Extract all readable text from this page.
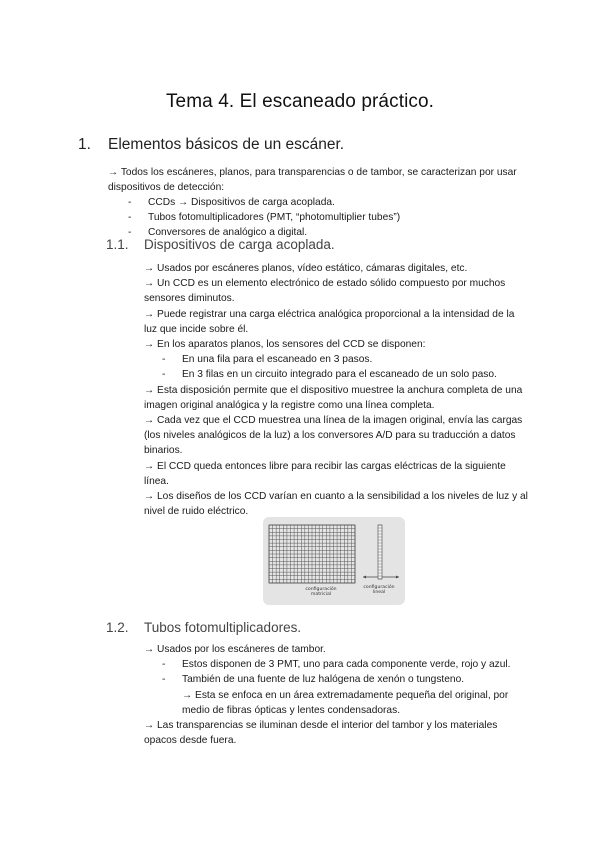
Tema 4. El escaneado práctico.
1. Elementos básicos de un escáner.
→ Todos los escáneres, planos, para transparencias o de tambor, se caracterizan por usar dispositivos de detección:
- CCDs → Dispositivos de carga acoplada.
- Tubos fotomultiplicadores (PMT, “photomultiplier tubes”)
- Conversores de analógico a digital.
1.1. Dispositivos de carga acoplada.
→ Usados por escáneres planos, vídeo estático, cámaras digitales, etc.
→ Un CCD es un elemento electrónico de estado sólido compuesto por muchos sensores diminutos.
→ Puede registrar una carga eléctrica analógica proporcional a la intensidad de la luz que incide sobre él.
→ En los aparatos planos, los sensores del CCD se disponen:
- En una fila para el escaneado en 3 pasos.
- En 3 filas en un circuito integrado para el escaneado de un solo paso.
→ Esta disposición permite que el dispositivo muestree la anchura completa de una imagen original analógica y la registre como una línea completa.
→ Cada vez que el CCD muestrea una línea de la imagen original, envía las cargas (los niveles analógicos de la luz) a los conversores A/D para su traducción a datos binarios.
→ El CCD queda entonces libre para recibir las cargas eléctricas de la siguiente línea.
→ Los diseños de los CCD varían en cuanto a la sensibilidad a los niveles de luz y al nivel de ruido eléctrico.
configuración matricial
configuración lineal
1.2. Tubos fotomultiplicadores.
→ Usados por los escáneres de tambor.
- Estos disponen de 3 PMT, uno para cada componente verde, rojo y azul.
- También de una fuente de luz halógena de xenón o tungsteno.
→ Esta se enfoca en un área extremadamente pequeña del original, por medio de fibras ópticas y lentes condensadoras.
→ Las transparencias se iluminan desde el interior del tambor y los materiales opacos desde fuera.
